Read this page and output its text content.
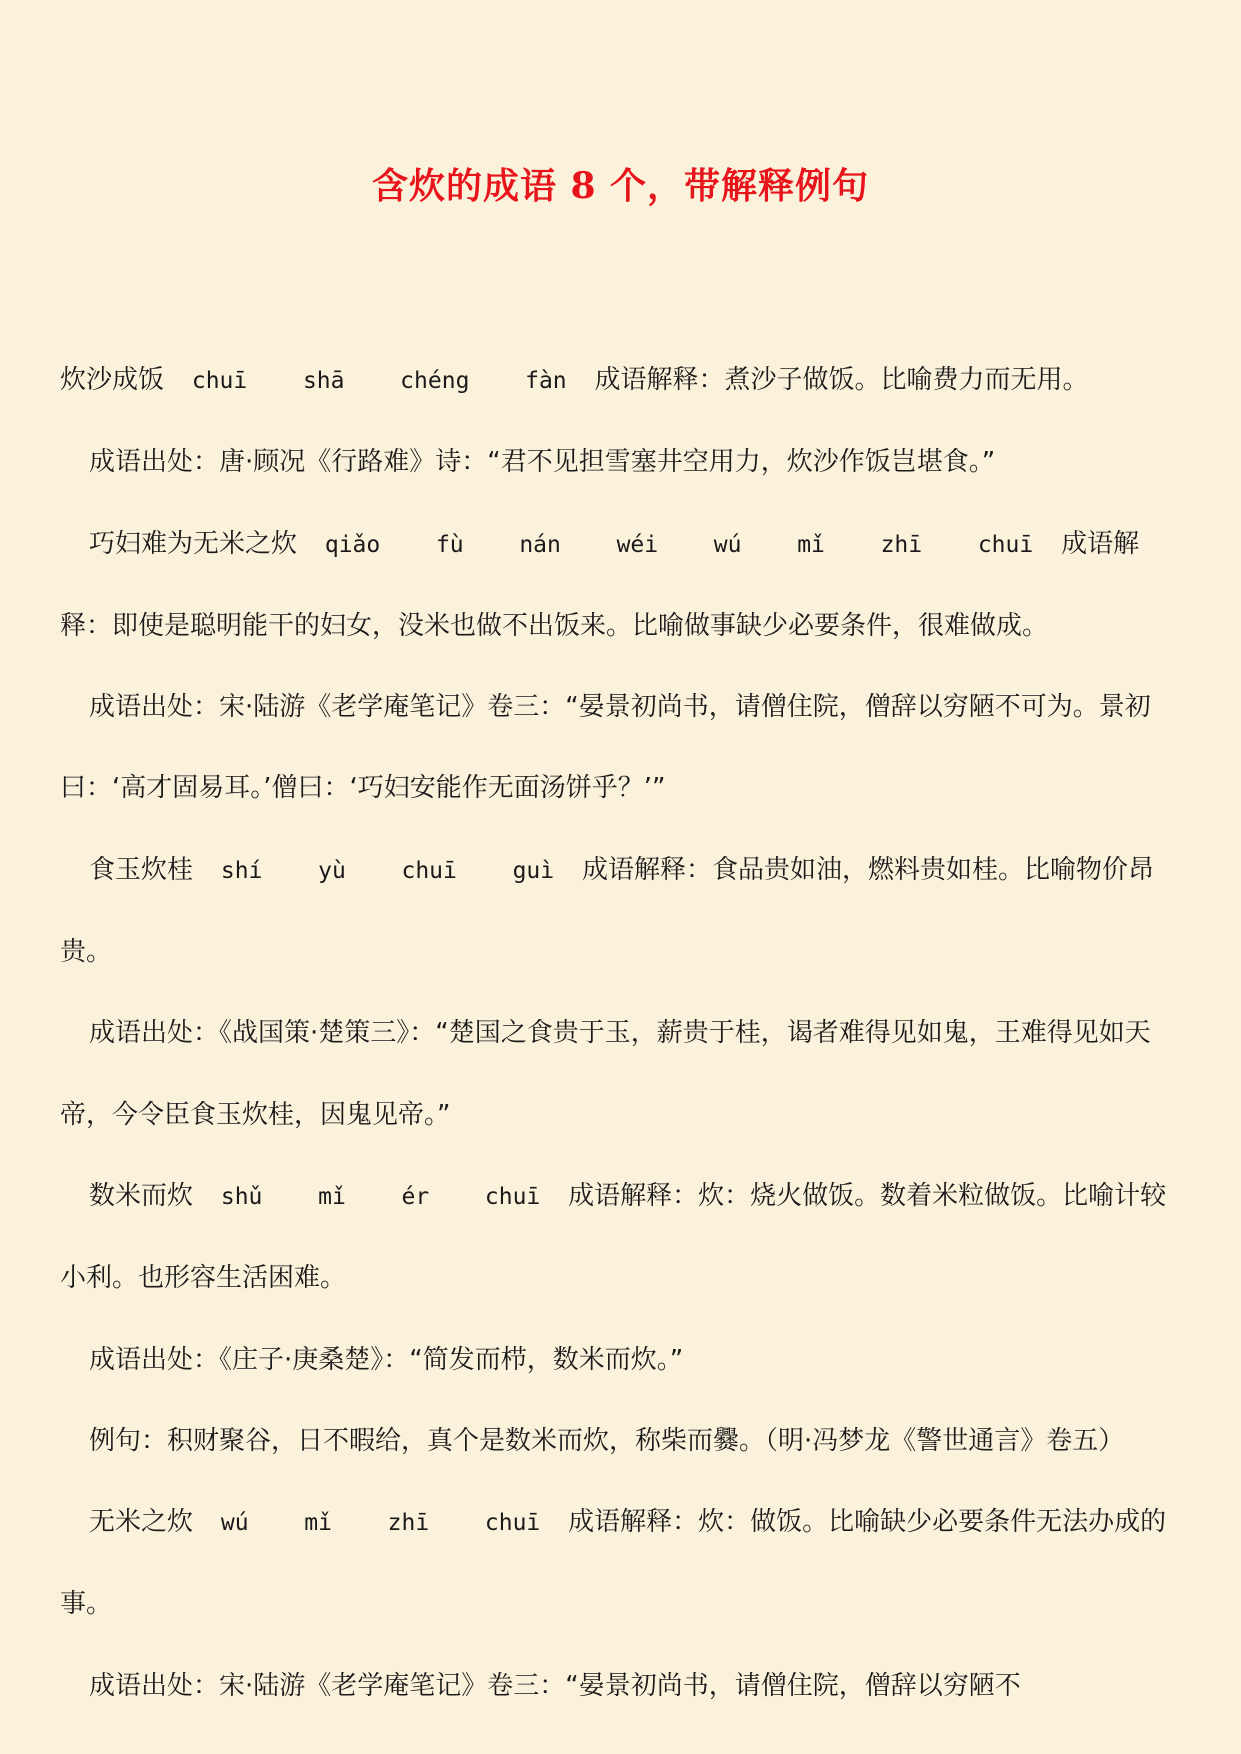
含炊的成语 8 个，带解释例句

炊沙成饭 chuī  shā  chéng  fàn 成语解释：煮沙子做饭。比喻费力而无用。

成语出处：唐·顾况《行路难》诗：“君不见担雪塞井空用力，炊沙作饭岂堪食。”

巧妇难为无米之炊 qiǎo  fù  nán  wéi  wú  mǐ  zhī  chuī 成语解释：即使是聪明能干的妇女，没米也做不出饭来。比喻做事缺少必要条件，很难做成。

成语出处：宋·陆游《老学庵笔记》卷三：“晏景初尚书，请僧住院，僧辞以穷陋不可为。景初曰：‘高才固易耳。’僧曰：‘巧妇安能作无面汤饼乎？’”

食玉炊桂 shí  yù  chuī  guì 成语解释：食品贵如油，燃料贵如桂。比喻物价昂贵。

成语出处：《战国策·楚策三》：“楚国之食贵于玉，薪贵于桂，谒者难得见如鬼，王难得见如天帝，今令臣食玉炊桂，因鬼见帝。”

数米而炊 shǔ  mǐ  ér  chuī 成语解释：炊：烧火做饭。数着米粒做饭。比喻计较小利。也形容生活困难。

成语出处：《庄子·庚桑楚》：“简发而栉，数米而炊。”

例句：积财聚谷，日不暇给，真个是数米而炊，称柴而爨。（明·冯梦龙《警世通言》卷五）

无米之炊 wú  mǐ  zhī  chuī 成语解释：炊：做饭。比喻缺少必要条件无法办成的事。

成语出处：宋·陆游《老学庵笔记》卷三：“晏景初尚书，请僧住院，僧辞以穷陋不
